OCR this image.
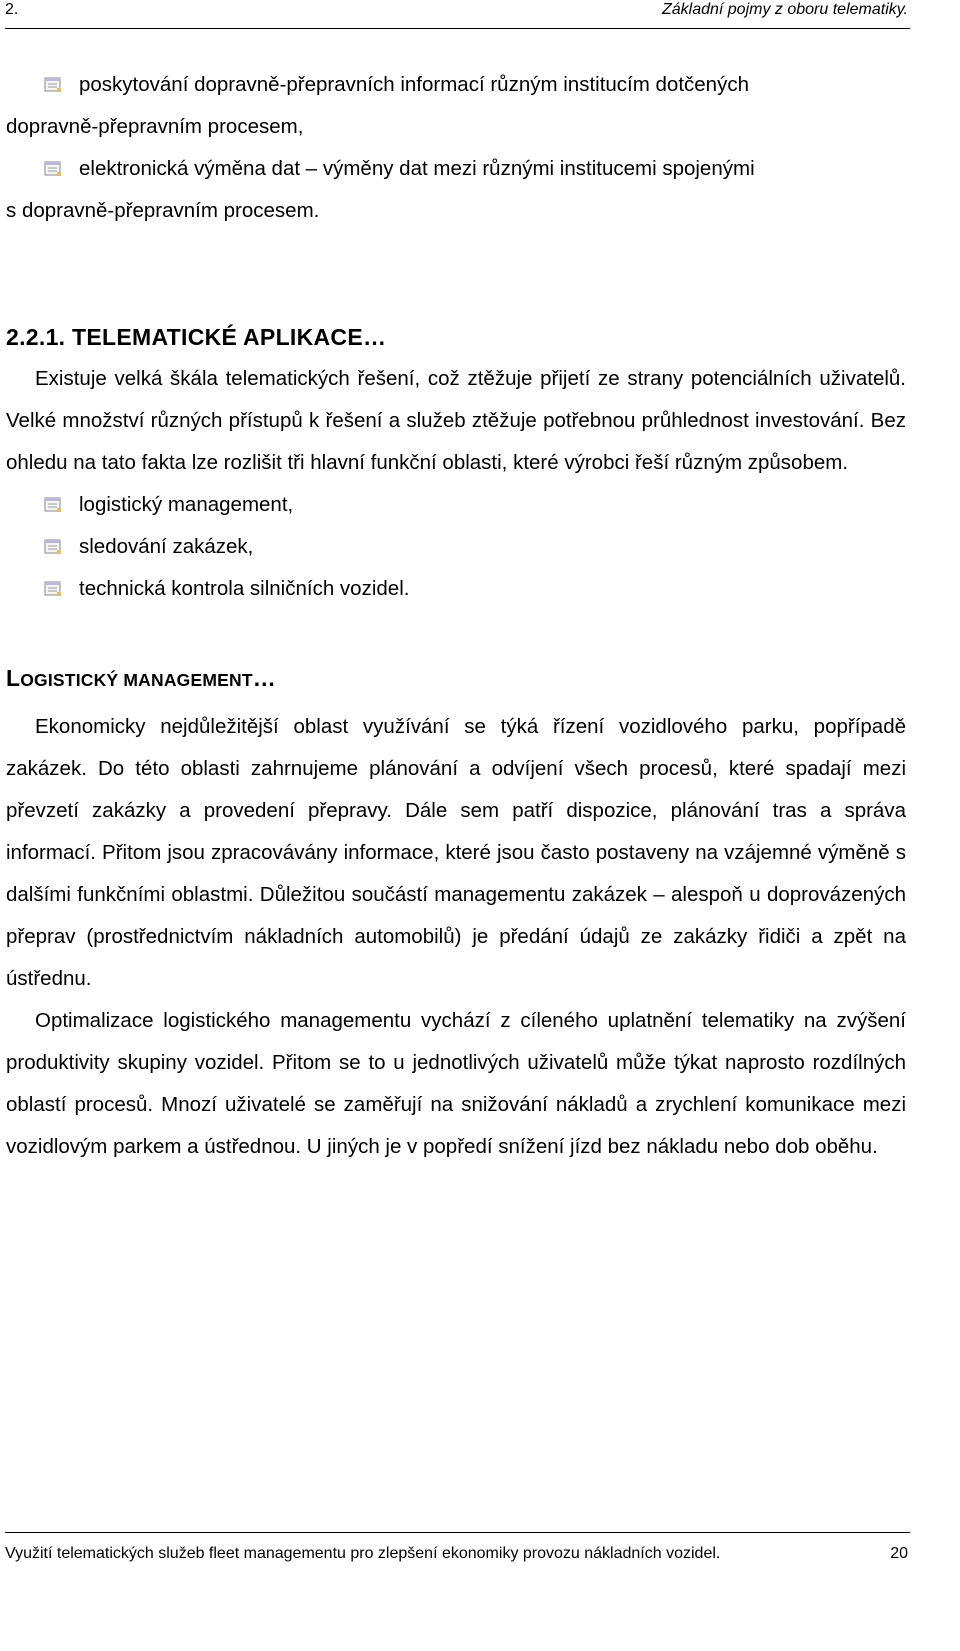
2.	Základní pojmy z oboru telematiky.
poskytování dopravně-přepravních informací různým institucím dotčených
dopravně-přepravním procesem,
elektronická výměna dat – výměny dat mezi různými institucemi spojenými
s dopravně-přepravním procesem.
2.2.1. TELEMATICKÉ APLIKACE…

Existuje velká škála telematických řešení, což ztěžuje přijetí ze strany potenciálních uživatelů. Velké množství různých přístupů k řešení a služeb ztěžuje potřebnou průhlednost investování. Bez ohledu na tato fakta lze rozlišit tři hlavní funkční oblasti, které výrobci řeší různým způsobem.

logistický management,
sledování zakázek,
technická kontrola silničních vozidel.
LOGISTICKÝ MANAGEMENT…

Ekonomicky nejdůležitější oblast využívání se týká řízení vozidlového parku, popřípadě zakázek. Do této oblasti zahrnujeme plánování a odvíjení všech procesů, které spadají mezi převzetí zakázky a provedení přepravy. Dále sem patří dispozice, plánování tras a správa informací. Přitom jsou zpracovávány informace, které jsou často postaveny na vzájemné výměně s dalšími funkčními oblastmi. Důležitou součástí managementu zakázek – alespoň u doprovázených přeprav (prostřednictvím nákladních automobilů) je předání údajů ze zakázky řidiči a zpět na ústřednu.

Optimalizace logistického managementu vychází z cíleného uplatnění telematiky na zvýšení produktivity skupiny vozidel. Přitom se to u jednotlivých uživatelů může týkat naprosto rozdílných oblastí procesů. Mnozí uživatelé se zaměřují na snižování nákladů a zrychlení komunikace mezi vozidlovým parkem a ústřednou. U jiných je v popředí snížení jízd bez nákladu nebo dob oběhu.

Využití telematických služeb fleet managementu pro zlepšení ekonomiky provozu nákladních vozidel.	20
